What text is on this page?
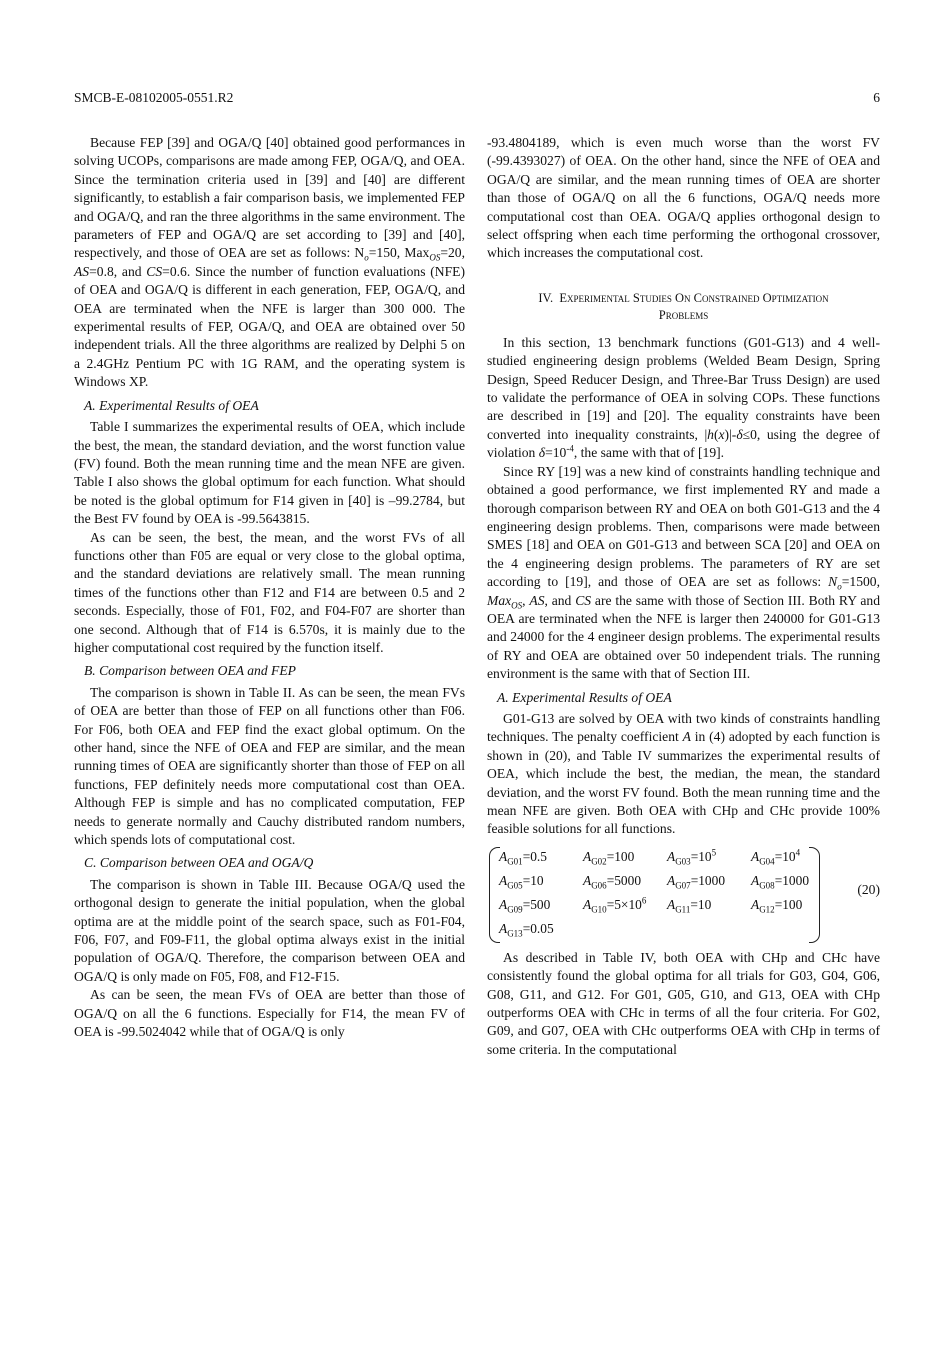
SMCB-E-08102005-0551.R2	6

Because FEP [39] and OGA/Q [40] obtained good performances in solving UCOPs, comparisons are made among FEP, OGA/Q, and OEA. Since the termination criteria used in [39] and [40] are different significantly, to establish a fair comparison basis, we implemented FEP and OGA/Q, and ran the three algorithms in the same environment. The parameters of FEP and OGA/Q are set according to [39] and [40], respectively, and those of OEA are set as follows: $N_o=150$, Max$_{OS}$=20, AS=0.8, and CS=0.6. Since the number of function evaluations (NFE) of OEA and OGA/Q is different in each generation, FEP, OGA/Q, and OEA are terminated when the NFE is larger than 300 000. The experimental results of FEP, OGA/Q, and OEA are obtained over 50 independent trials. All the three algorithms are realized by Delphi 5 on a 2.4GHz Pentium PC with 1G RAM, and the operating system is Windows XP.

A. Experimental Results of OEA

Table I summarizes the experimental results of OEA, which include the best, the mean, the standard deviation, and the worst function value (FV) found. Both the mean running time and the mean NFE are given. Table I also shows the global optimum for each function. What should be noted is the global optimum for F14 given in [40] is –99.2784, but the Best FV found by OEA is -99.5643815.

As can be seen, the best, the mean, and the worst FVs of all functions other than F05 are equal or very close to the global optima, and the standard deviations are relatively small. The mean running times of the functions other than F12 and F14 are between 0.5 and 2 seconds. Especially, those of F01, F02, and F04-F07 are shorter than one second. Although that of F14 is 6.570s, it is mainly due to the higher computational cost required by the function itself.

B. Comparison between OEA and FEP

The comparison is shown in Table II. As can be seen, the mean FVs of OEA are better than those of FEP on all functions other than F06. For F06, both OEA and FEP find the exact global optimum. On the other hand, since the NFE of OEA and FEP are similar, and the mean running times of OEA are significantly shorter than those of FEP on all functions, FEP definitely needs more computational cost than OEA. Although FEP is simple and has no complicated computation, FEP needs to generate normally and Cauchy distributed random numbers, which spends lots of computational cost.

C. Comparison between OEA and OGA/Q

The comparison is shown in Table III. Because OGA/Q used the orthogonal design to generate the initial population, when the global optima are at the middle point of the search space, such as F01-F04, F06, F07, and F09-F11, the global optima always exist in the initial population of OGA/Q. Therefore, the comparison between OEA and OGA/Q is only made on F05, F08, and F12-F15.

As can be seen, the mean FVs of OEA are better than those of OGA/Q on all the 6 functions. Especially for F14, the mean FV of OEA is -99.5024042 while that of OGA/Q is only

-93.4804189, which is even much worse than the worst FV (-99.4393027) of OEA. On the other hand, since the NFE of OEA and OGA/Q are similar, and the mean running times of OEA are shorter than those of OGA/Q on all the 6 functions, OGA/Q needs more computational cost than OEA. OGA/Q applies orthogonal design to select offspring when each time performing the orthogonal crossover, which increases the computational cost.

IV. Experimental Studies On Constrained Optimization
Problems

In this section, 13 benchmark functions (G01-G13) and 4 well-studied engineering design problems (Welded Beam Design, Spring Design, Speed Reducer Design, and Three-Bar Truss Design) are used to validate the performance of OEA in solving COPs. These functions are described in [19] and [20]. The equality constraints have been converted into inequality constraints, |h(x)|-δ≤0, using the degree of violation $\delta=10^{-4}$, the same with that of [19].

Since RY [19] was a new kind of constraints handling technique and obtained a good performance, we first implemented RY and made a thorough comparison between RY and OEA on both G01-G13 and the 4 engineering design problems. Then, comparisons were made between SMES [18] and OEA on G01-G13 and between SCA [20] and OEA on the 4 engineering design problems. The parameters of RY are set according to [19], and those of OEA are set as follows: $N_o=1500$, Max$_{OS}$, AS, and CS are the same with those of Section III. Both RY and OEA are terminated when the NFE is larger then 240000 for G01-G13 and 24000 for the 4 engineer design problems. The experimental results of RY and OEA are obtained over 50 independent trials. The running environment is the same with that of Section III.

A. Experimental Results of OEA

G01-G13 are solved by OEA with two kinds of constraints handling techniques. The penalty coefficient A in (4) adopted by each function is shown in (20), and Table IV summarizes the experimental results of OEA, which include the best, the median, the mean, the standard deviation, and the worst FV found. Both the mean running time and the mean NFE are given. Both OEA with CHp and CHc provide 100% feasible solutions for all functions.

$A_{G01}=0.5$	$A_{G02}=100$	$A_{G03}=10^5$	$A_{G04}=10^4$
$A_{G05}=10$	$A_{G06}=5000$	$A_{G07}=1000$	$A_{G08}=1000$
$A_{G09}=500$	$A_{G10}=5\times 10^6$	$A_{G11}=10$	$A_{G12}=100$
$A_{G13}=0.05$			
(20)

As described in Table IV, both OEA with CHp and CHc have consistently found the global optima for all trials for G03, G04, G06, G08, G11, and G12. For G01, G05, G10, and G13, OEA with CHp outperforms OEA with CHc in terms of all the four criteria. For G02, G09, and G07, OEA with CHc outperforms OEA with CHp in terms of some criteria. In the computational
